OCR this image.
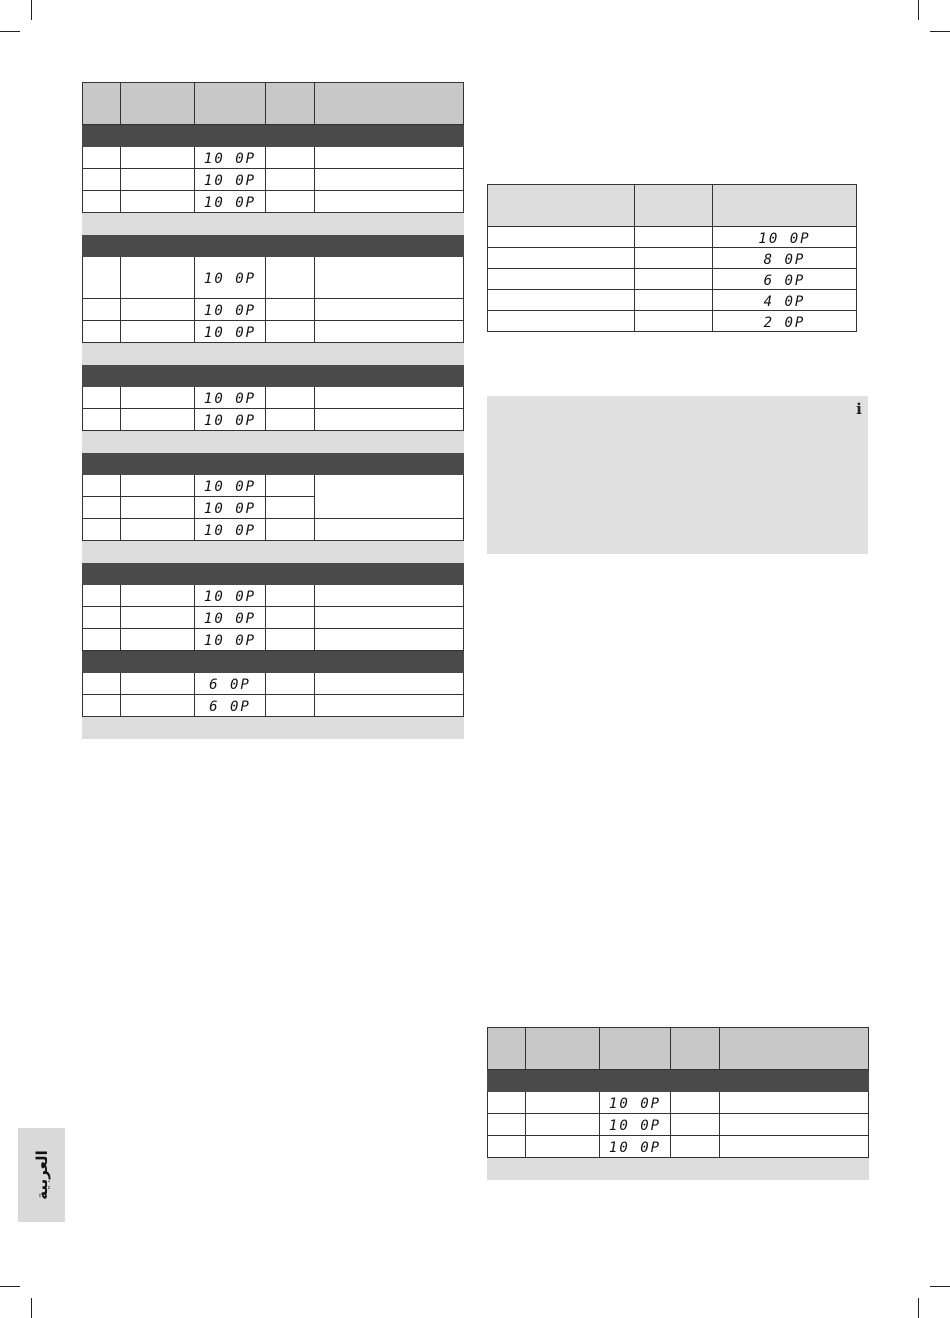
		10 0P		
		10 0P		
		10 0P		

		10 0P		
		10 0P		
		10 0P		

		10 0P		
		10 0P		

		10 0P		
		10 0P		
		10 0P		

		10 0P		
		10 0P		
		10 0P		

		6 0P		
		6 0P		

		10 0P
		8 0P
		6 0P
		4 0P
		2 0P
i

		10 0P		
		10 0P		
		10 0P		

العربية
